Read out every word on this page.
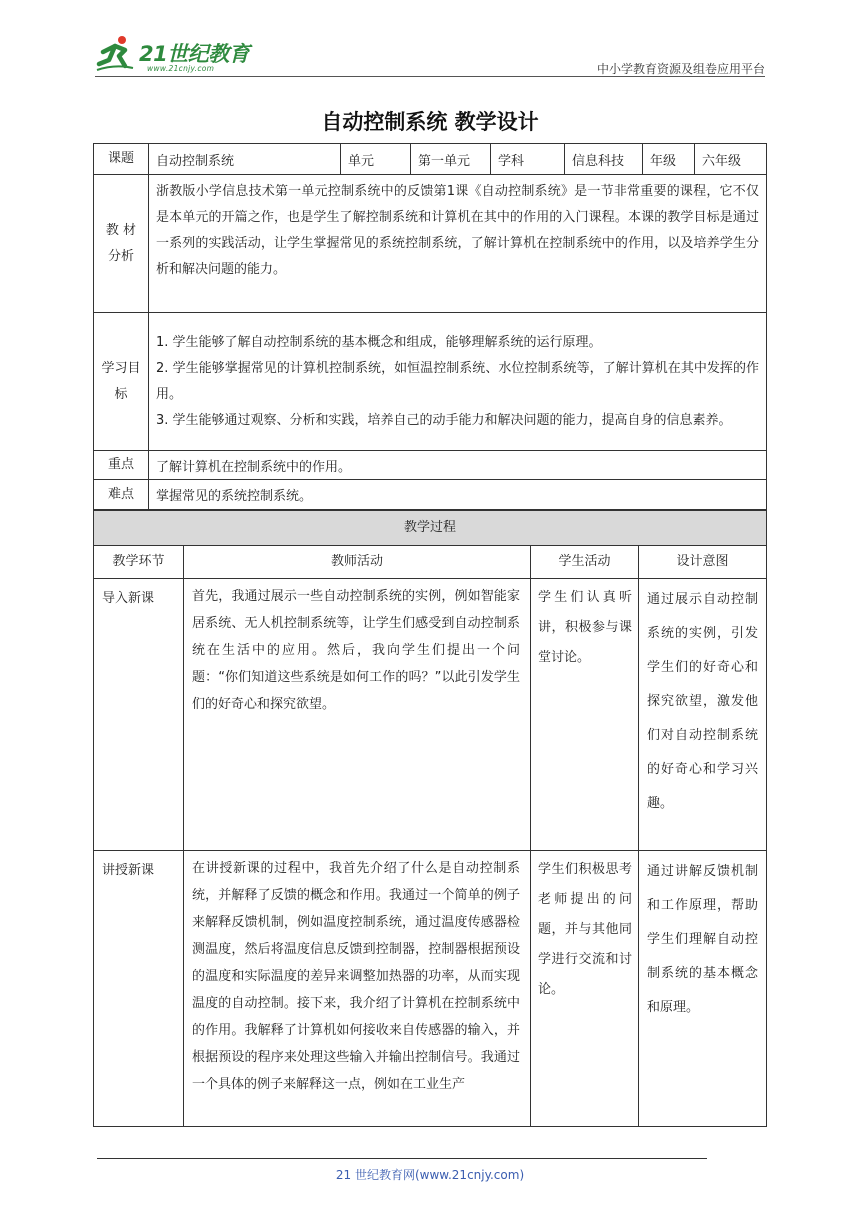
21世纪教育
www.21cnjy.com	中小学教育资源及组卷应用平台
自动控制系统 教学设计
课题	自动控制系统	单元	第一单元	学科	信息科技	年级	六年级
教 材分析	浙教版小学信息技术第一单元控制系统中的反馈第1课《自动控制系统》是一节非常重要的课程，它不仅是本单元的开篇之作，也是学生了解控制系统和计算机在其中的作用的入门课程。本课的教学目标是通过一系列的实践活动，让学生掌握常见的系统控制系统，了解计算机在控制系统中的作用，以及培养学生分析和解决问题的能力。						

学习目标	1. 学生能够了解自动控制系统的基本概念和组成，能够理解系统的运行原理。
2. 学生能够掌握常见的计算机控制系统，如恒温控制系统、水位控制系统等，了解计算机在其中发挥的作用。
3. 学生能够通过观察、分析和实践，培养自己的动手能力和解决问题的能力，提高自身的信息素养。						

重点	了解计算机在控制系统中的作用。						
难点	掌握常见的系统控制系统。						
教学过程			
教学环节	教师活动	学生活动	设计意图
导入新课	首先，我通过展示一些自动控制系统的实例，例如智能家居系统、无人机控制系统等，让学生们感受到自动控制系统在生活中的应用。然后，我向学生们提出一个问题：“你们知道这些系统是如何工作的吗？”以此引发学生们的好奇心和探究欲望。	学生们认真听讲，积极参与课堂讨论。	通过展示自动控制系统的实例，引发学生们的好奇心和探究欲望，激发他们对自动控制系统的好奇心和学习兴趣。
讲授新课	在讲授新课的过程中，我首先介绍了什么是自动控制系统，并解释了反馈的概念和作用。我通过一个简单的例子来解释反馈机制，例如温度控制系统，通过温度传感器检测温度，然后将温度信息反馈到控制器，控制器根据预设的温度和实际温度的差异来调整加热器的功率，从而实现温度的自动控制。接下来，我介绍了计算机在控制系统中的作用。我解释了计算机如何接收来自传感器的输入，并根据预设的程序来处理这些输入并输出控制信号。我通过一个具体的例子来解释这一点，例如在工业生产	学生们积极思考老师提出的问题，并与其他同学进行交流和讨论。	通过讲解反馈机制和工作原理，帮助学生们理解自动控制系统的基本概念和原理。
21 世纪教育网(www.21cnjy.com)
